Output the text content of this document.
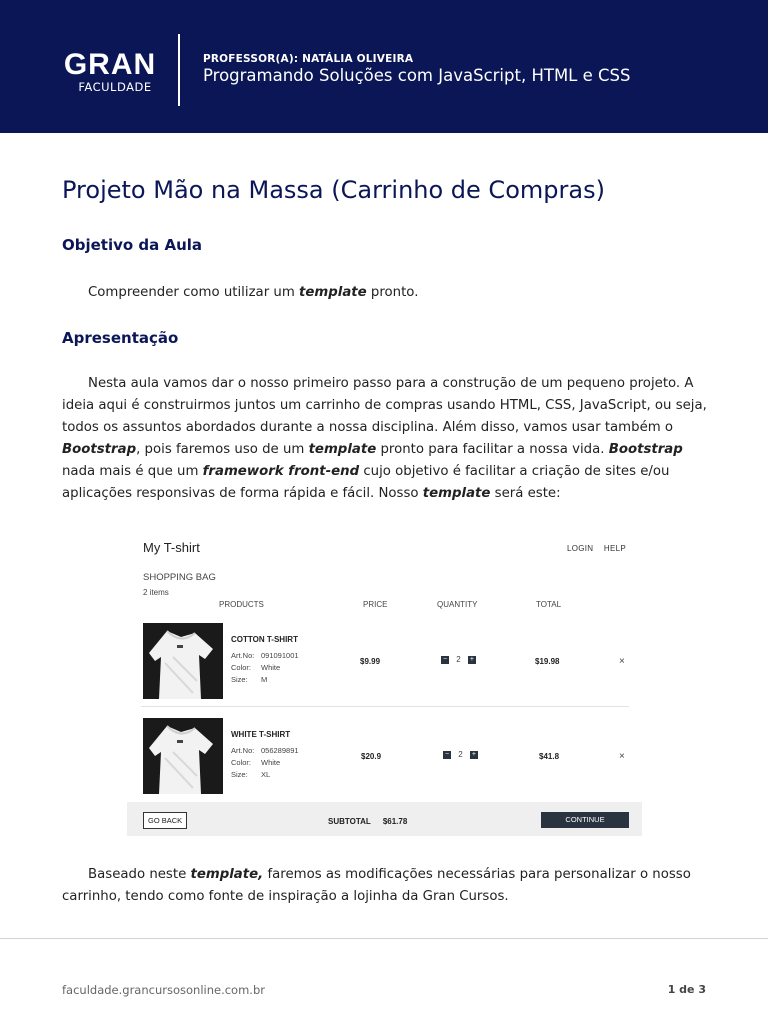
GRAN
FACULDADE
PROFESSOR(A): NATÁLIA OLIVEIRA
Programando Soluções com JavaScript, HTML e CSS
Projeto Mão na Massa (Carrinho de Compras)
Objetivo da Aula

Compreender como utilizar um template pronto.

Apresentação

Nesta aula vamos dar o nosso primeiro passo para a construção de um pequeno projeto. A ideia aqui é construirmos juntos um carrinho de compras usando HTML, CSS, JavaScript, ou seja, todos os assuntos abordados durante a nossa disciplina. Além disso, vamos usar também o Bootstrap, pois faremos uso de um template pronto para facilitar a nossa vida. Bootstrap nada mais é que um framework front-end cujo objetivo é facilitar a criação de sites e/ou aplicações responsivas de forma rápida e fácil. Nosso template será este:

My T-shirt	LOGIN HELP
SHOPPING BAG
2 items
PRODUCTS	PRICE	QUANTITY	TOTAL
COTTON T-SHIRT
Art.No: 091091001
Color: White
Size: M
$9.99	− 2 +	$19.98	×
WHITE T-SHIRT
Art.No: 056289891
Color: White
Size: XL
$20.9	− 2 +	$41.8	×
GO BACK	SUBTOTAL $61.78	CONTINUE

Baseado neste template, faremos as modificações necessárias para personalizar o nosso carrinho, tendo como fonte de inspiração a lojinha da Gran Cursos.

faculdade.grancursosonline.com.br	1 de 3
